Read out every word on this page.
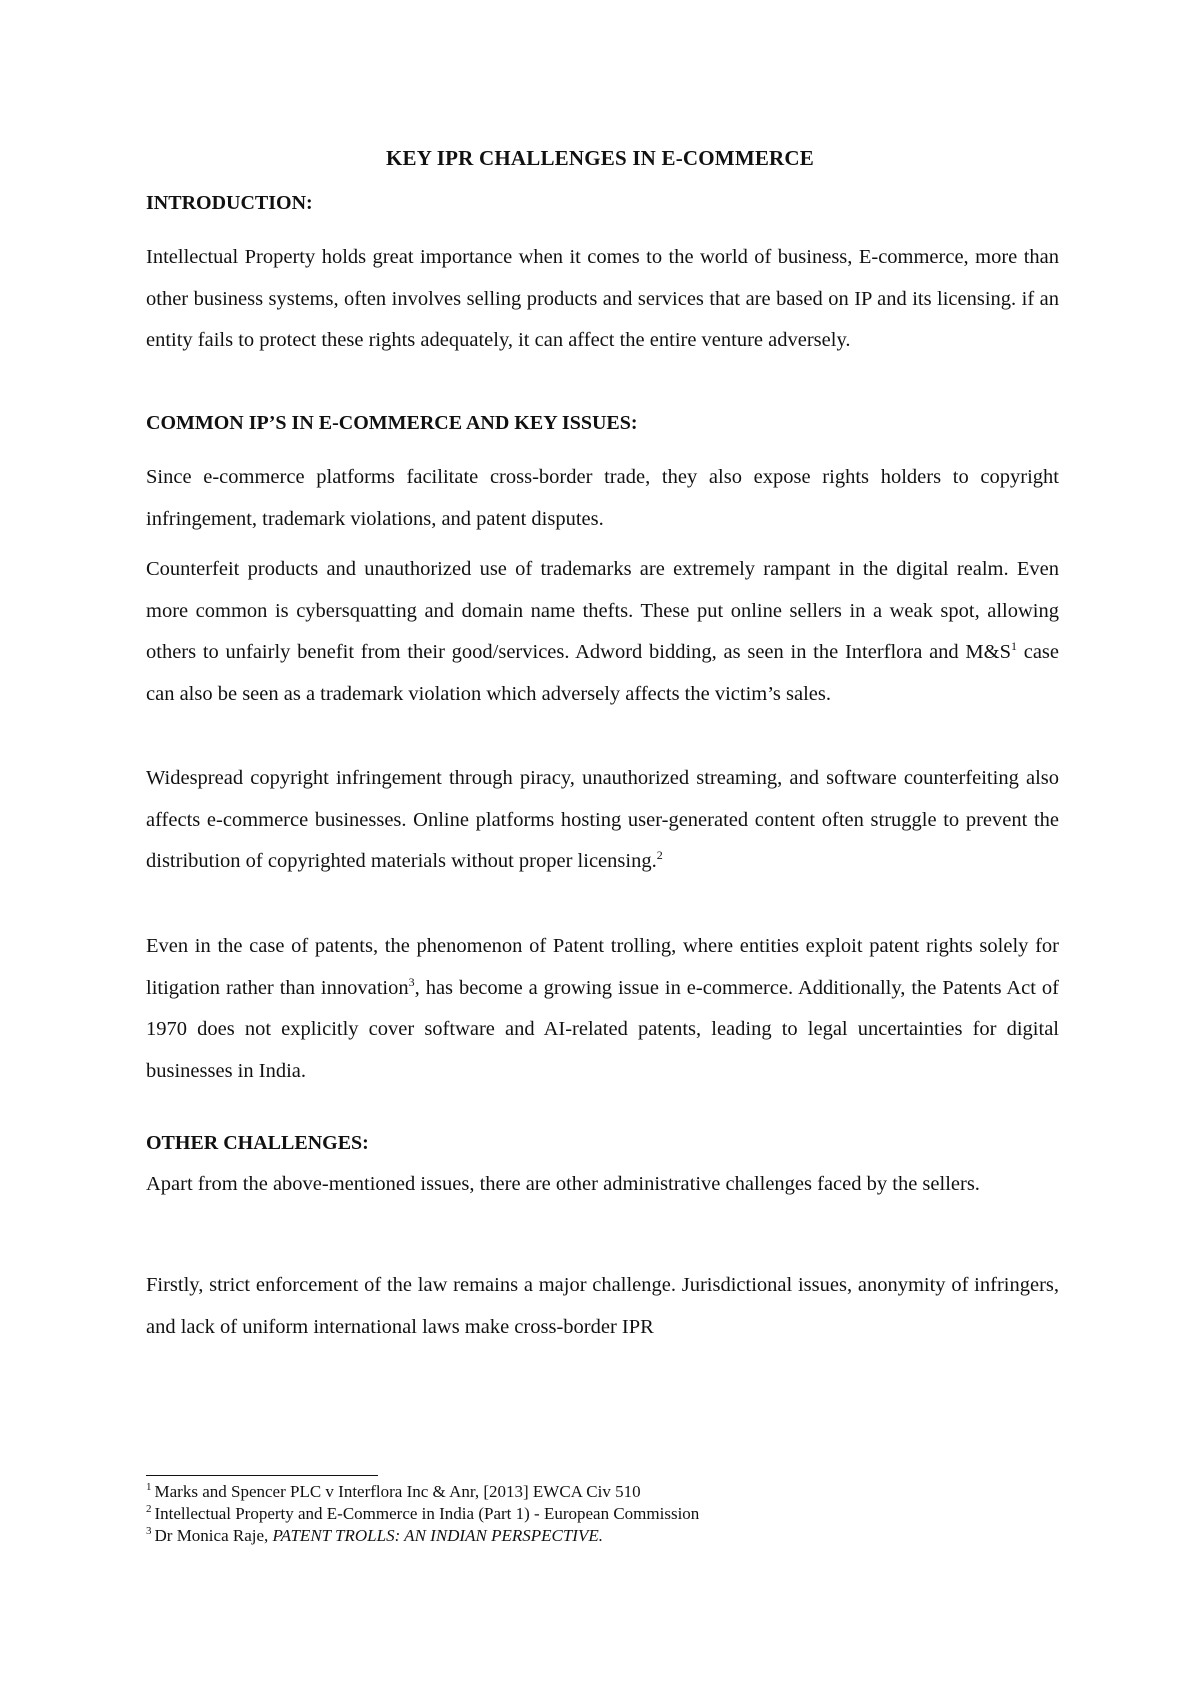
KEY IPR CHALLENGES IN E-COMMERCE
INTRODUCTION:

Intellectual Property holds great importance when it comes to the world of business, E-commerce, more than other business systems, often involves selling products and services that are based on IP and its licensing. if an entity fails to protect these rights adequately, it can affect the entire venture adversely.

COMMON IP’S IN E-COMMERCE AND KEY ISSUES:

Since e-commerce platforms facilitate cross-border trade, they also expose rights holders to copyright infringement, trademark violations, and patent disputes.

Counterfeit products and unauthorized use of trademarks are extremely rampant in the digital realm. Even more common is cybersquatting and domain name thefts. These put online sellers in a weak spot, allowing others to unfairly benefit from their good/services. Adword bidding, as seen in the Interflora and $M\&S^1$ case can also be seen as a trademark violation which adversely affects the victim’s sales.

Widespread copyright infringement through piracy, unauthorized streaming, and software counterfeiting also affects e-commerce businesses. Online platforms hosting user-generated content often struggle to prevent the distribution of copyrighted materials without proper licensing.$^2$

Even in the case of patents, the phenomenon of Patent trolling, where entities exploit patent rights solely for litigation rather than innovation$^3$, has become a growing issue in e-commerce. Additionally, the Patents Act of 1970 does not explicitly cover software and AI-related patents, leading to legal uncertainties for digital businesses in India.

OTHER CHALLENGES:

Apart from the above-mentioned issues, there are other administrative challenges faced by the sellers.

Firstly, strict enforcement of the law remains a major challenge. Jurisdictional issues, anonymity of infringers, and lack of uniform international laws make cross-border IPR

$^1$ Marks and Spencer PLC v Interflora Inc & Anr, [2013] EWCA Civ 510

$^2$ Intellectual Property and E-Commerce in India (Part 1) - European Commission

$^3$ Dr Monica Raje, PATENT TROLLS: AN INDIAN PERSPECTIVE.
